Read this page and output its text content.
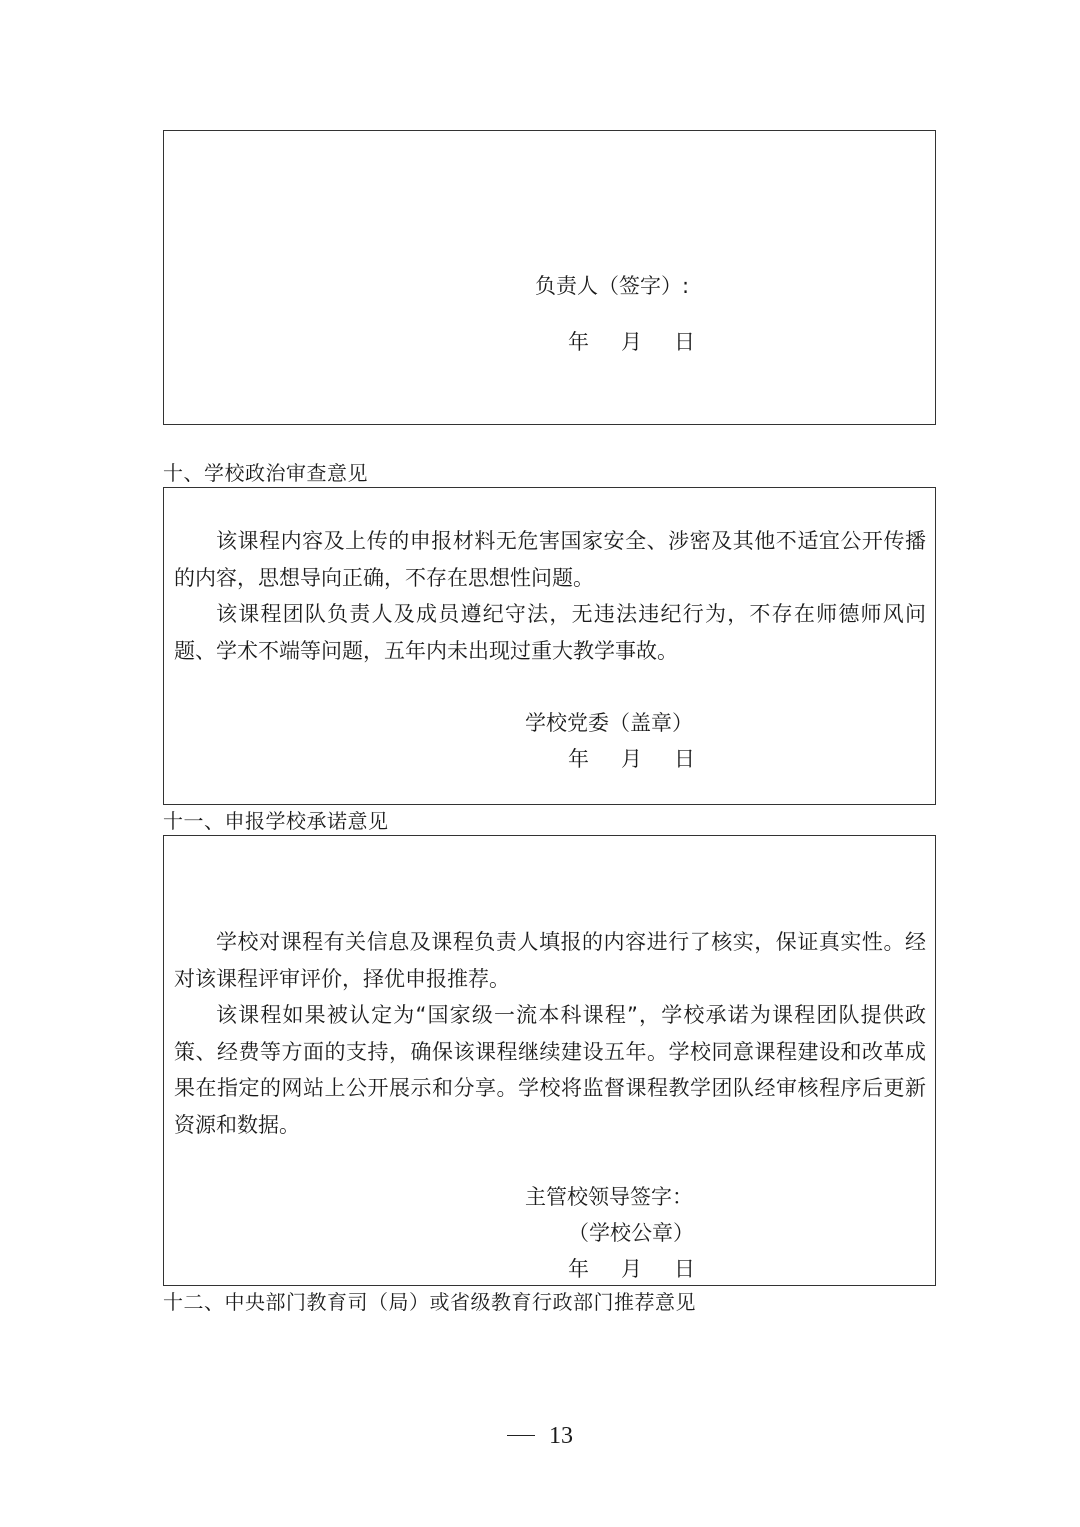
负责人（签字）:
年 月 日
十、学校政治审查意见

该课程内容及上传的申报材料无危害国家安全、涉密及其他不适宜公开传播的内容，思想导向正确，不存在思想性问题。

该课程团队负责人及成员遵纪守法，无违法违纪行为，不存在师德师风问题、学术不端等问题，五年内未出现过重大教学事故。

学校党委（盖章）
年 月 日
十一、申报学校承诺意见

学校对课程有关信息及课程负责人填报的内容进行了核实，保证真实性。经对该课程评审评价，择优申报推荐。

该课程如果被认定为“国家级一流本科课程”，学校承诺为课程团队提供政策、经费等方面的支持，确保该课程继续建设五年。学校同意课程建设和改革成果在指定的网站上公开展示和分享。学校将监督课程教学团队经审核程序后更新资源和数据。

主管校领导签字：
（学校公章）
年 月 日
十二、中央部门教育司（局）或省级教育行政部门推荐意见
13
